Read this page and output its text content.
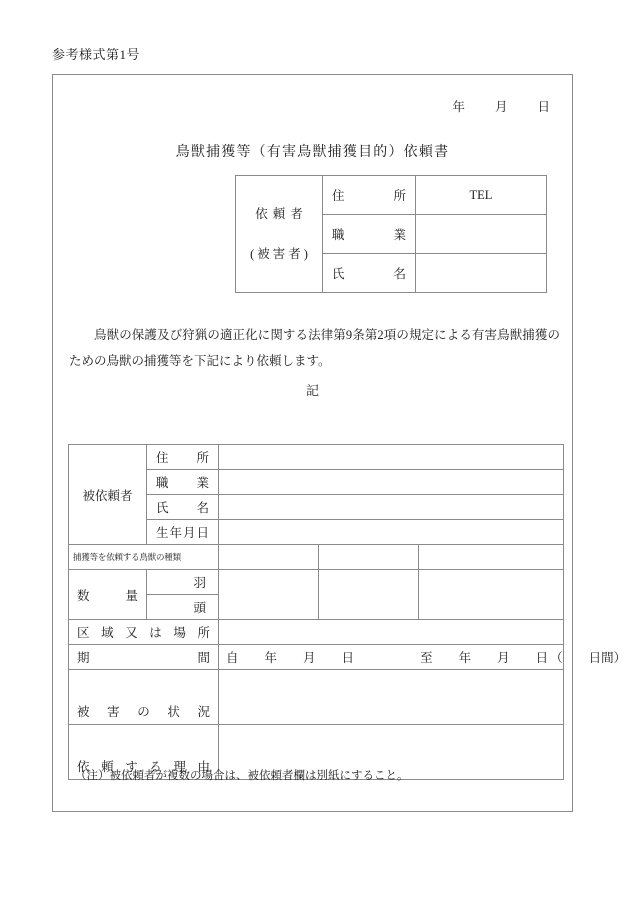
参考様式第1号
年 月 日
鳥獣捕獲等（有害鳥獣捕獲目的）依頼書
依頼者
(被害者)	住所	TEL
	職業	
	氏名	
鳥獣の保護及び狩猟の適正化に関する法律第9条第2項の規定による有害鳥獣捕獲のための鳥獣の捕獲等を下記により依頼します。
記
被依頼者	住所			
	職業			
	氏名			
	生年月日			
捕獲等を依頼する鳥獣の種類				
数量	羽			
	頭			
区域又は場所				
期間		自 年 月 日 至 年 月 日 （ 日間）		
被害の状況				
依頼する理由				
（注）被依頼者が複数の場合は、被依頼者欄は別紙にすること。
